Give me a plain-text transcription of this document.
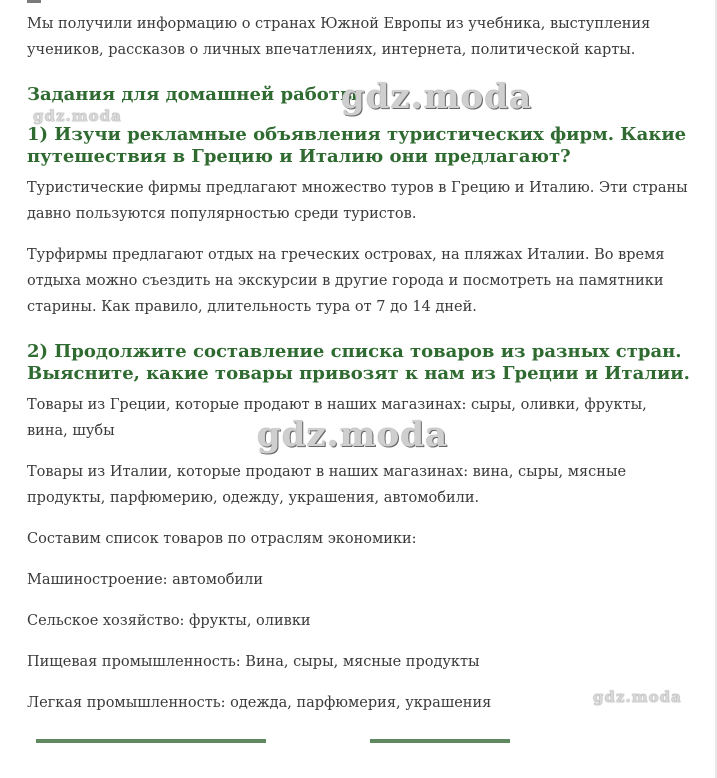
Мы получили информацию о странах Южной Европы из учебника, выступления учеников, рассказов о личных впечатлениях, интернета, политической карты.

Задания для домашней работы
1) Изучи рекламные объявления туристических фирм. Какие путешествия в Грецию и Италию они предлагают?

Туристические фирмы предлагают множество туров в Грецию и Италию. Эти страны давно пользуются популярностью среди туристов.

Турфирмы предлагают отдых на греческих островах, на пляжах Италии. Во время отдыха можно съездить на экскурсии в другие города и посмотреть на памятники старины. Как правило, длительность тура от 7 до 14 дней.

2) Продолжите составление списка товаров из разных стран. Выясните, какие товары привозят к нам из Греции и Италии.

Товары из Греции, которые продают в наших магазинах: сыры, оливки, фрукты, вина, шубы

Товары из Италии, которые продают в наших магазинах: вина, сыры, мясные продукты, парфюмерию, одежду, украшения, автомобили.

Составим список товаров по отраслям экономики:

Машиностроение: автомобили

Сельское хозяйство: фрукты, оливки

Пищевая промышленность: Вина, сыры, мясные продукты

Легкая промышленность: одежда, парфюмерия, украшения

gdz.moda
gdz.moda
gdz.moda
gdz.moda
